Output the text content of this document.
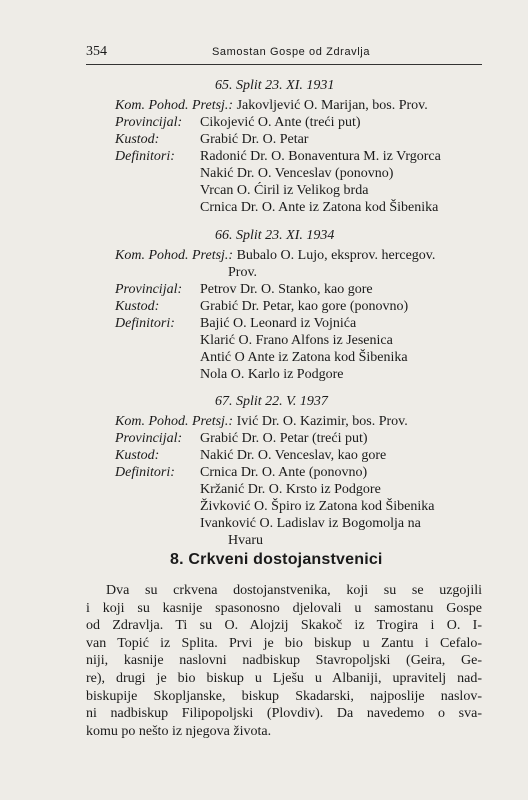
354	Samostan Gospe od Zdravlja
65. Split 23. XI. 1931
Kom. Pohod. Pretsj.: Jakovljević O. Marijan, bos. Prov.
Provincijal: Cikojević O. Ante (treći put)
Kustod:	Grabić Dr. O. Petar
Definitori: Radonić Dr. O. Bonaventura M. iz Vrgorca
Nakić Dr. O. Venceslav (ponovno)
Vrcan O. Ćiril iz Velikog brda
Crnica Dr. O. Ante iz Zatona kod Šibenika
66. Split 23. XI. 1934
Kom. Pohod. Pretsj.: Bubalo O. Lujo, eksprov. hercegov.
Prov.
Provincijal: Petrov Dr. O. Stanko, kao gore
Kustod:	Grabić Dr. Petar, kao gore (ponovno)
Definitori: Bajić O. Leonard iz Vojnića
Klarić O. Frano Alfons iz Jesenica
Antić O Ante iz Zatona kod Šibenika
Nola O. Karlo iz Podgore
67. Split 22. V. 1937
Kom. Pohod. Pretsj.: Ivić Dr. O. Kazimir, bos. Prov.
Provincijal: Grabić Dr. O. Petar (treći put)
Kustod:	Nakić Dr. O. Venceslav, kao gore
Definitori: Crnica Dr. O. Ante (ponovno)
Kržanić Dr. O. Krsto iz Podgore
Živković O. Špiro iz Zatona kod Šibenika
Ivanković O. Ladislav iz Bogomolja na
Hvaru
8. Crkveni dostojanstvenici
Dva su crkvena dostojanstvenika, koji su se uzgojili
i koji su kasnije spasonosno djelovali u samostanu Gospe
od Zdravlja. Ti su O. Alojzij Skakoč iz Trogira i O. I-
van Topić iz Splita. Prvi je bio biskup u Zantu i Cefalo-
niji, kasnije naslovni nadbiskup Stavropoljski (Geira, Ge-
re), drugi je bio biskup u Lješu u Albaniji, upravitelj nad-
biskupije Skopljanske, biskup Skadarski, najposlije naslov-
ni nadbiskup Filipopoljski (Plovdiv). Da navedemo o sva-
komu po nešto iz njegova života.
